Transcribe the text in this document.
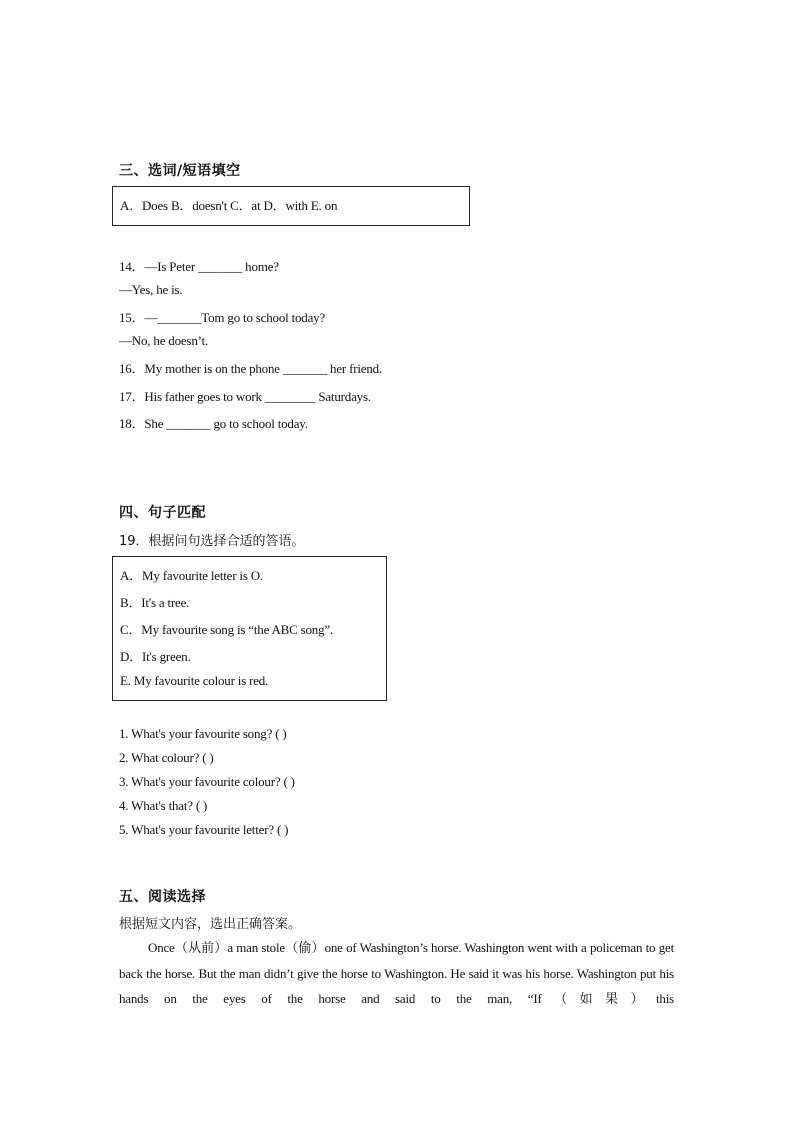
三、选词/短语填空
A．Does B．doesn't C．at D．with E. on
14．—Is Peter _______ home?
—Yes, he is.
15．—_______Tom go to school today?
—No, he doesn’t.
16．My mother is on the phone _______ her friend.
17．His father goes to work ________ Saturdays.
18．She _______ go to school today.
四、句子匹配
19．根据问句选择合适的答语。
A．My favourite letter is O.
B．It's a tree.
C．My favourite song is “the ABC song”.
D．It's green.
E. My favourite colour is red.
1. What's your favourite song? ( )
2. What colour? ( )
3. What's your favourite colour? ( )
4. What's that? ( )
5. What's your favourite letter? ( )
五、阅读选择
根据短文内容，选出正确答案。
Once（从前）a man stole（偷）one of Washington’s horse. Washington went with a policeman to get back the horse. But the man didn’t give the horse to Washington. He said it was his horse. Washington put his hands on the eyes of the horse and said to the man, “If（如果）this
